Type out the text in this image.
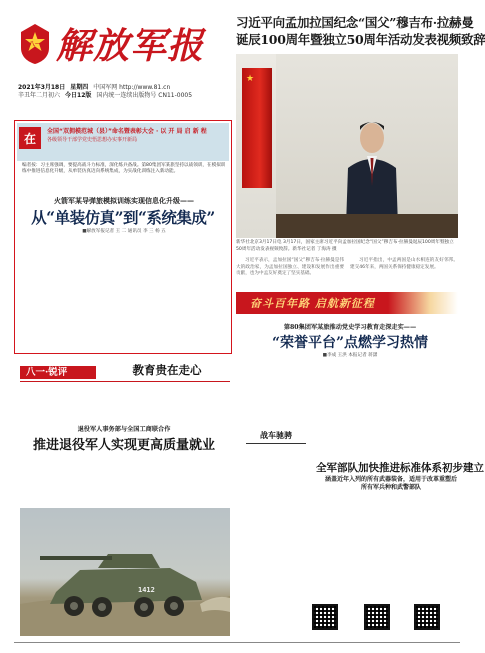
八一 解放军报
2021年3月18日 星期四 中国军网 http://www.81.cn
辛丑年二月初六 今日12版 国内统一连续出版物号 CN11-0005
习近平向孟加拉国纪念“国父”穆吉布·拉赫曼
诞辰100周年暨独立50周年活动发表视频致辞
★
新华社北京3月17日电 3月17日，国家主席习近平向孟加拉国纪念“国父”穆吉布·拉赫曼诞辰100周年暨独立50周年活动发表视频致辞。新华社记者 丁海涛 摄

习近平表示，孟加拉国“国父”穆吉布·拉赫曼是伟大的政治家，为孟加拉国独立、建设和发展作出重要贡献，也为中孟友好奠定了坚实基础。

习近平指出，中孟两国是山水相连的友好邻邦。建交46年来，两国关系保持健康稳定发展。

在	全国“双拥模范城（县）”命名暨表彰大会 · 以 开 局 启 新 程
各级领导干部学党史悟思想办实事开新局
编者按：习主席强调，要提高战斗力标准，深化练兵备战。第80集团军某旅坚持以战领训，在模拟训练中推进信息化升级，从单装仿真迈向系统集成，为实战化训练注入新动能。
火箭军某导弹旅模拟训练实现信息化升级——
从“单装仿真”到“系统集成”
■解放军报记者 王 二 通讯员 李 三 杨 五
奋斗百年路 启航新征程
第80集团军某旅推动党史学习教育走深走实——
“荣誉平台”点燃学习热情
■李成 王洪 本报记者 蒋潇
八一·锐评	教育贵在走心
退役军人事务部与全国工商联合作
推进退役军人实现更高质量就业
1412
战车驰骋
全军部队加快推进标准体系初步建立
涵盖近年入列的所有武器装备，适用于改革重塑后所有军兵种和武警部队
